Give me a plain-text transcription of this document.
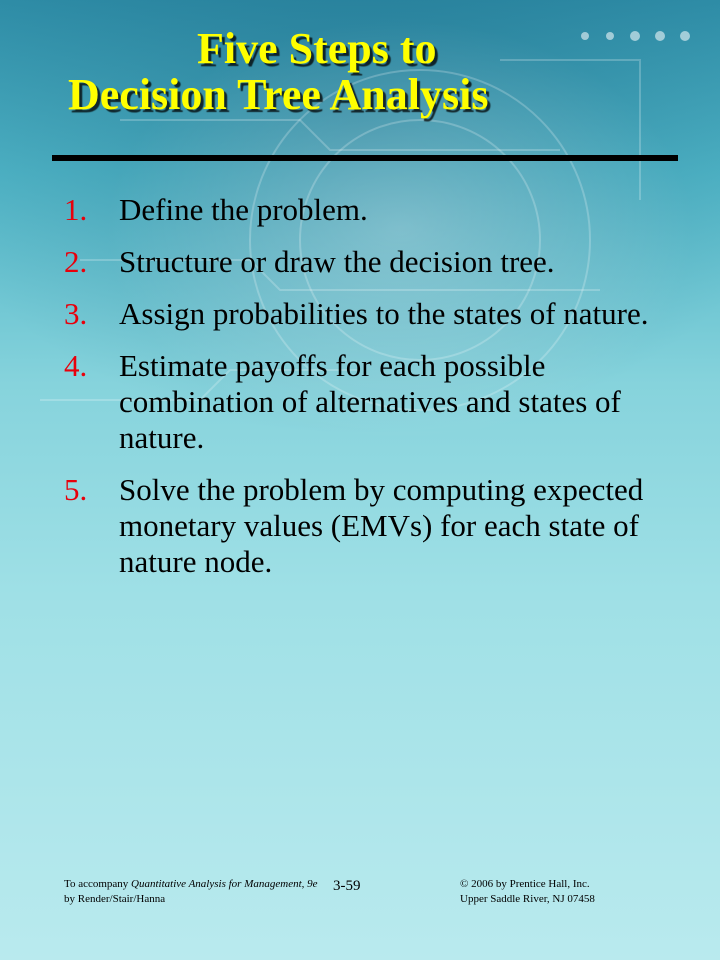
Five Steps to
Decision Tree Analysis
1. Define the problem.
2. Structure or draw the decision tree.
3. Assign probabilities to the states of nature.
4. Estimate payoffs for each possible combination of alternatives and states of nature.
5. Solve the problem by computing expected monetary values (EMVs) for each state of nature node.
To accompany Quantitative Analysis for Management, 9e
by Render/Stair/Hanna
3-59	© 2006 by Prentice Hall, Inc.
Upper Saddle River, NJ 07458
